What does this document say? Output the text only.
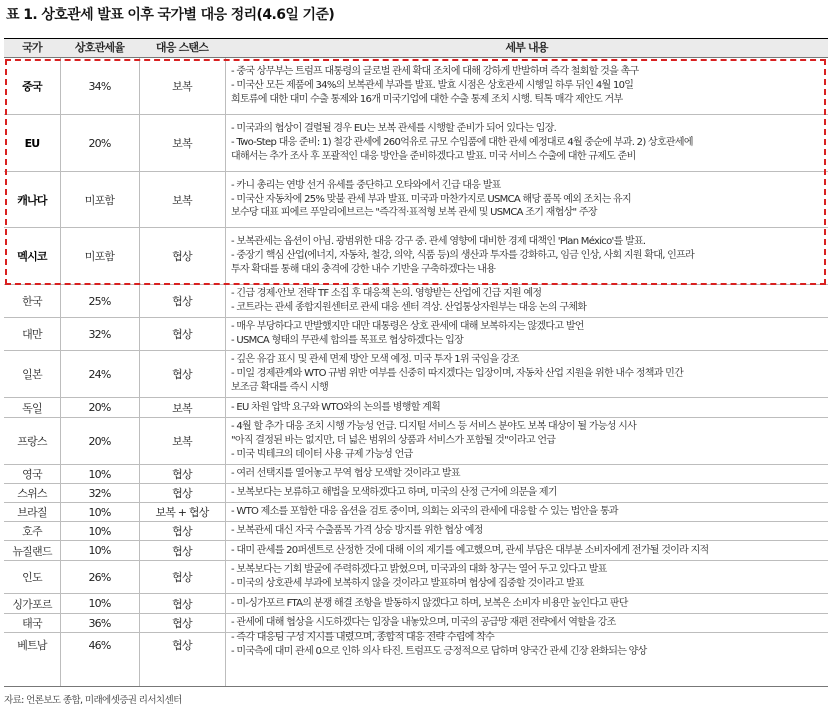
표 1. 상호관세 발표 이후 국가별 대응 정리(4.6일 기준)
국가	상호관세율	대응 스탠스	세부 내용
중국	34%	보복
- 중국 상무부는 트럼프 대통령의 글로벌 관세 확대 조치에 대해 강하게 반발하며 즉각 철회할 것을 촉구
- 미국산 모든 제품에 34%의 보복관세 부과를 발표. 발효 시점은 상호관세 시행일 하루 뒤인 4월 10일
희토류에 대한 대미 수출 통제와 16개 미국기업에 대한 수출 통제 조치 시행. 틱톡 매각 제안도 거부
EU	20%	보복
- 미국과의 협상이 결렬될 경우 EU는 보복 관세를 시행할 준비가 되어 있다는 입장.
- Two-Step 대응 준비: 1) 철강 관세에 260억유로 규모 수입품에 대한 관세 예정대로 4월 중순에 부과. 2) 상호관세에
대해서는 추가 조사 후 포괄적인 대응 방안을 준비하겠다고 발표. 미국 서비스 수출에 대한 규제도 준비
캐나다	미포함	보복
- 카니 총리는 연방 선거 유세를 중단하고 오타와에서 긴급 대응 발표
- 미국산 자동차에 25% 맞불 관세 부과 발표. 미국과 마찬가지로 USMCA 해당 품목 예외 조치는 유지
보수당 대표 피에르 푸알리에브르는 "즉각적·표적형 보복 관세 및 USMCA 조기 재협상" 주장
멕시코	미포함	협상
- 보복관세는 옵션이 아님. 광범위한 대응 강구 중. 관세 영향에 대비한 경제 대책인 'Plan México'를 발표.
- 중장기 핵심 산업(에너지, 자동차, 철강, 의약, 식품 등)의 생산과 투자를 강화하고, 임금 인상, 사회 지원 확대, 인프라
투자 확대를 통해 대외 충격에 강한 내수 기반을 구축하겠다는 내용
한국	25%	협상
- 긴급 경제·안보 전략 TF 소집 후 대응책 논의. 영향받는 산업에 긴급 지원 예정
- 코트라는 관세 종합지원센터로 관세 대응 센터 격상. 산업통상자원부는 대응 논의 구체화
대만	32%	협상
- 매우 부당하다고 반발했지만 대만 대통령은 상호 관세에 대해 보복하지는 않겠다고 발언
- USMCA 형태의 무관세 합의를 목표로 협상하겠다는 입장
일본	24%	협상
- 깊은 유감 표시 및 관세 면제 방안 모색 예정. 미국 투자 1위 국임을 강조
- 미일 경제관계와 WTO 규범 위반 여부를 신중히 따지겠다는 입장이며, 자동차 산업 지원을 위한 내수 정책과 민간
보조금 확대를 즉시 시행
독일	20%	보복	- EU 차원 압박 요구와 WTO와의 논의를 병행할 계획
프랑스	20%	보복
- 4월 할 추가 대응 조치 시행 가능성 언급. 디지털 서비스 등 서비스 분야도 보복 대상이 될 가능성 시사
"아직 결정된 바는 없지만, 더 넓은 범위의 상품과 서비스가 포함될 것"이라고 언급
- 미국 빅테크의 데이터 사용 규제 가능성 언급
영국	10%	협상	- 여러 선택지를 열어놓고 무역 협상 모색할 것이라고 발표
스위스	32%	협상	- 보복보다는 보류하고 해법을 모색하겠다고 하며, 미국의 산정 근거에 의문을 제기
브라질	10%	보복 + 협상	- WTO 제소를 포함한 대응 옵션을 검토 중이며, 의회는 외국의 관세에 대응할 수 있는 법안을 통과
호주	10%	협상	- 보복관세 대신 자국 수출품목 가격 상승 방지를 위한 협상 예정
뉴질랜드	10%	협상	- 대미 관세를 20퍼센트로 산정한 것에 대해 이의 제기를 예고했으며, 관세 부담은 대부분 소비자에게 전가될 것이라 지적
인도	26%	협상
- 보복보다는 기회 발굴에 주력하겠다고 밝혔으며, 미국과의 대화 창구는 열어 두고 있다고 발표
- 미국의 상호관세 부과에 보복하지 않을 것이라고 발표하며 협상에 집중할 것이라고 발표
싱가포르	10%	협상	- 미-싱가포르 FTA의 분쟁 해결 조항을 발동하지 않겠다고 하며, 보복은 소비자 비용만 높인다고 판단
태국	36%	협상	- 관세에 대해 협상을 시도하겠다는 입장을 내놓았으며, 미국의 공급망 재편 전략에서 역할을 강조
베트남	46%	협상
- 즉각 대응팀 구성 지시를 내렸으며, 종합적 대응 전략 수립에 착수
- 미국측에 대미 관세 0으로 인하 의사 타진. 트럼프도 긍정적으로 답하며 양국간 관세 긴장 완화되는 양상
자료: 언론보도 종합, 미래에셋증권 리서치센터
